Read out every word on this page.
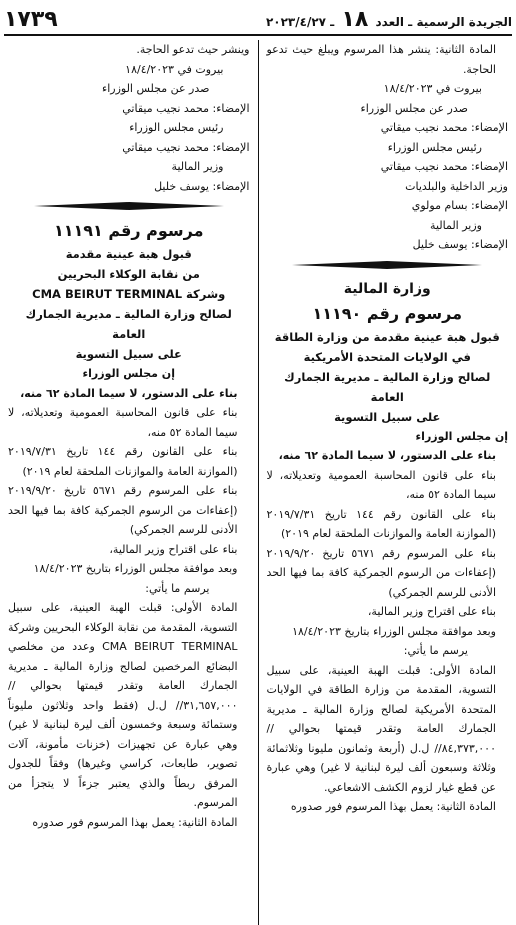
الجريدة الرسمية ـ العدد ١٨ ـ ٢٠٢٣/٤/٢٧
١٧٣٩

المادة الثانية: ينشر هذا المرسوم ويبلغ حيث تدعو الحاجة.

بيروت في ١٨/٤/٢٠٢٣

صدر عن مجلس الوزراء

الإمضاء: محمد نجيب ميقاتي

رئيس مجلس الوزراء

الإمضاء: محمد نجيب ميقاتي

وزير الداخلية والبلديات

الإمضاء: بسام مولوي

وزير المالية

الإمضاء: يوسف خليل

وزارة المالية

مرسوم رقم ١١١٩٠

قبول هبة عينية مقدمة من وزارة الطاقة

في الولايات المتحدة الأمريكية

لصالح وزارة المالية ـ مديرية الجمارك العامة

على سبيل التسوية

إن مجلس الوزراء

بناء على الدستور، لا سيما المادة ٦٢ منه،

بناء على قانون المحاسبة العمومية وتعديلاته، لا سيما المادة ٥٢ منه،

بناء على القانون رقم ١٤٤ تاريخ ٢٠١٩/٧/٣١ (الموازنة العامة والموازنات الملحقة لعام ٢٠١٩)

بناء على المرسوم رقم ٥٦٧١ تاريخ ٢٠١٩/٩/٢٠ (إعفاءات من الرسوم الجمركية كافة بما فيها الحد الأدنى للرسم الجمركي)

بناء على اقتراح وزير المالية،

وبعد موافقة مجلس الوزراء بتاريخ ١٨/٤/٢٠٢٣

يرسم ما يأتي:

المادة الأولى: قبلت الهبة العينية، على سبيل التسوية، المقدمة من وزارة الطاقة في الولايات المتحدة الأمريكية لصالح وزارة المالية ـ مديرية الجمارك العامة وتقدر قيمتها بحوالي //٨٤,٣٧٣,٠٠٠// ل.ل (أربعة وثمانون مليونا وثلاثمائة وثلاثة وسبعون ألف ليرة لبنانية لا غير) وهي عبارة عن قطع غيار لزوم الكشف الاشعاعي.

المادة الثانية: يعمل بهذا المرسوم فور صدوره

وينشر حيث تدعو الحاجة.

بيروت في ١٨/٤/٢٠٢٣

صدر عن مجلس الوزراء

الإمضاء: محمد نجيب ميقاتي

رئيس مجلس الوزراء

الإمضاء: محمد نجيب ميقاتي

وزير المالية

الإمضاء: يوسف خليل

مرسوم رقم ١١١٩١

قبول هبة عينية مقدمة

من نقابة الوكلاء البحريين

وشركة CMA BEIRUT TERMINAL

لصالح وزارة المالية ـ مديرية الجمارك العامة

على سبيل التسوية

إن مجلس الوزراء

بناء على الدستور، لا سيما المادة ٦٢ منه،

بناء على قانون المحاسبة العمومية وتعديلاته، لا سيما المادة ٥٢ منه،

بناء على القانون رقم ١٤٤ تاريخ ٢٠١٩/٧/٣١ (الموازنة العامة والموازنات الملحقة لعام ٢٠١٩)

بناء على المرسوم رقم ٥٦٧١ تاريخ ٢٠١٩/٩/٢٠ (إعفاءات من الرسوم الجمركية كافة بما فيها الحد الأدنى للرسم الجمركي)

بناء على اقتراح وزير المالية،

وبعد موافقة مجلس الوزراء بتاريخ ١٨/٤/٢٠٢٣

يرسم ما يأتي:

المادة الأولى: قبلت الهبة العينية، على سبيل التسوية، المقدمة من نقابة الوكلاء البحريين وشركة CMA BEIRUT TERMINAL وعدد من مخلصي البضائع المرخصين لصالح وزارة المالية ـ مديرية الجمارك العامة وتقدر قيمتها بحوالي //٣١,٦٥٧,٠٠٠// ل.ل (فقط واحد وثلاثون مليوناً وستمائة وسبعة وخمسون ألف ليرة لبنانية لا غير) وهي عبارة عن تجهيزات (خزنات مأمونة، آلات تصوير، طابعات، كراسي وغيرها) وفقاً للجدول المرفق ربطاً والذي يعتبر جزءاً لا يتجزأ من المرسوم.

المادة الثانية: يعمل بهذا المرسوم فور صدوره
